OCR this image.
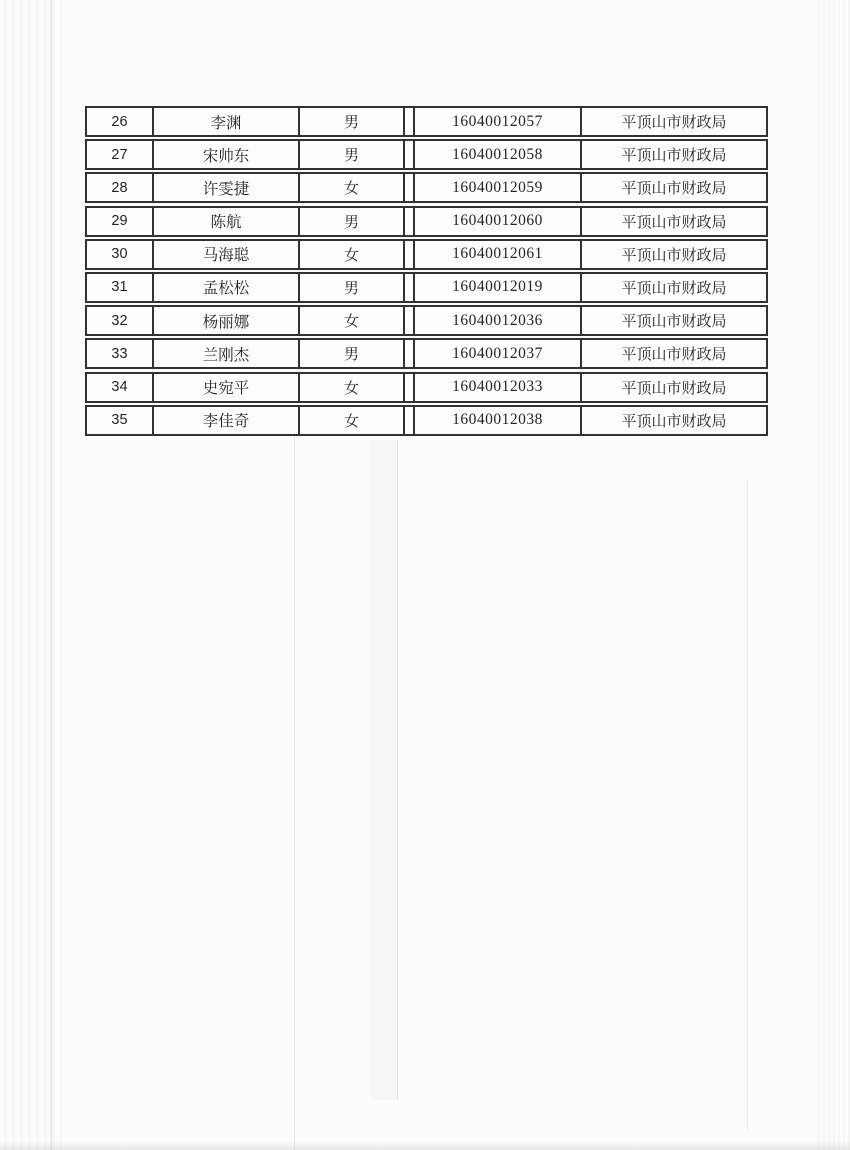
26	李渊	男	16040012057	平顶山市财政局
27	宋帅东	男	16040012058	平顶山市财政局
28	许雯捷	女	16040012059	平顶山市财政局
29	陈航	男	16040012060	平顶山市财政局
30	马海聪	女	16040012061	平顶山市财政局
31	孟松松	男	16040012019	平顶山市财政局
32	杨丽娜	女	16040012036	平顶山市财政局
33	兰刚杰	男	16040012037	平顶山市财政局
34	史宛平	女	16040012033	平顶山市财政局
35	李佳奇	女	16040012038	平顶山市财政局
